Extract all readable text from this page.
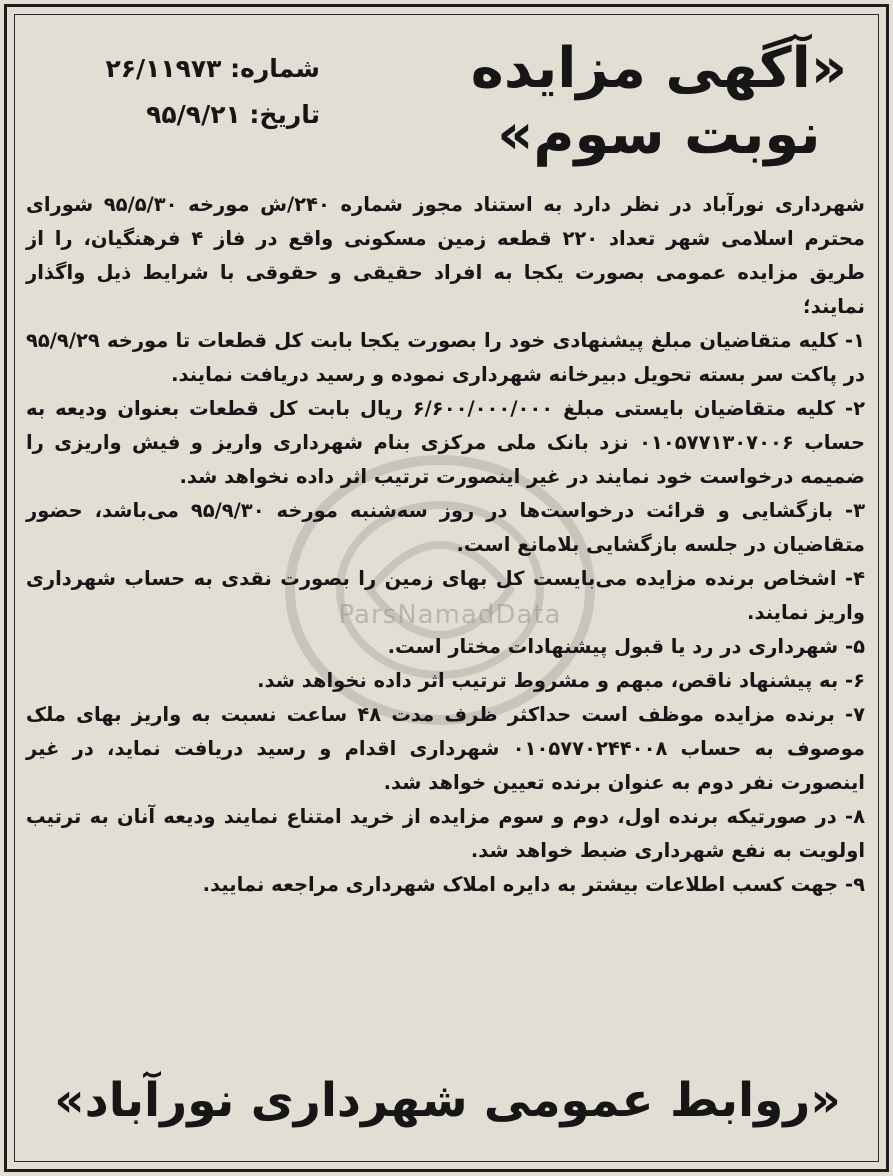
ParsNamadData
«آگهی مزایده
نوبت سوم»
شماره: ۲۶/۱۱۹۷۳
تاریخ: ۹۵/۹/۲۱

شهرداری نورآباد در نظر دارد به استناد مجوز شماره ۲۴۰/ش مورخه ۹۵/۵/۳۰ شورای محترم اسلامی شهر تعداد ۲۲۰ قطعه زمین مسکونی واقع در فاز ۴ فرهنگیان، را از طریق مزایده عمومی بصورت یکجا به افراد حقیقی و حقوقی با شرایط ذیل واگذار نمایند؛

۱- کلیه متقاضیان مبلغ پیشنهادی خود را بصورت یکجا بابت کل قطعات تا مورخه ۹۵/۹/۲۹ در پاکت سر بسته تحویل دبیرخانه شهرداری نموده و رسید دریافت نمایند.
۲- کلیه متقاضیان بایستی مبلغ ۶/۶۰۰/۰۰۰/۰۰۰ ریال بابت کل قطعات بعنوان ودیعه به حساب ۰۱۰۵۷۷۱۳۰۷۰۰۶ نزد بانک ملی مرکزی بنام شهرداری واریز و فیش واریزی را ضمیمه درخواست خود نمایند در غیر اینصورت ترتیب اثر داده نخواهد شد.
۳- بازگشایی و قرائت درخواست‌ها در روز سه‌شنبه مورخه ۹۵/۹/۳۰ می‌باشد، حضور متقاضیان در جلسه بازگشایی بلامانع است.
۴- اشخاص برنده مزایده می‌بایست کل بهای زمین را بصورت نقدی به حساب شهرداری واریز نمایند.
۵- شهرداری در رد یا قبول پیشنهادات مختار است.
۶- به پیشنهاد ناقص، مبهم و مشروط ترتیب اثر داده نخواهد شد.
۷- برنده مزایده موظف است حداکثر ظرف مدت ۴۸ ساعت نسبت به واریز بهای ملک موصوف به حساب ۰۱۰۵۷۷۰۲۴۴۰۰۸ شهرداری اقدام و رسید دریافت نماید، در غیر اینصورت نفر دوم به عنوان برنده تعیین خواهد شد.
۸- در صورتیکه برنده اول، دوم و سوم مزایده از خرید امتناع نمایند ودیعه آنان به ترتیب اولویت به نفع شهرداری ضبط خواهد شد.
۹- جهت کسب اطلاعات بیشتر به دایره املاک شهرداری مراجعه نمایید.
«روابط عمومی شهرداری نورآباد»
